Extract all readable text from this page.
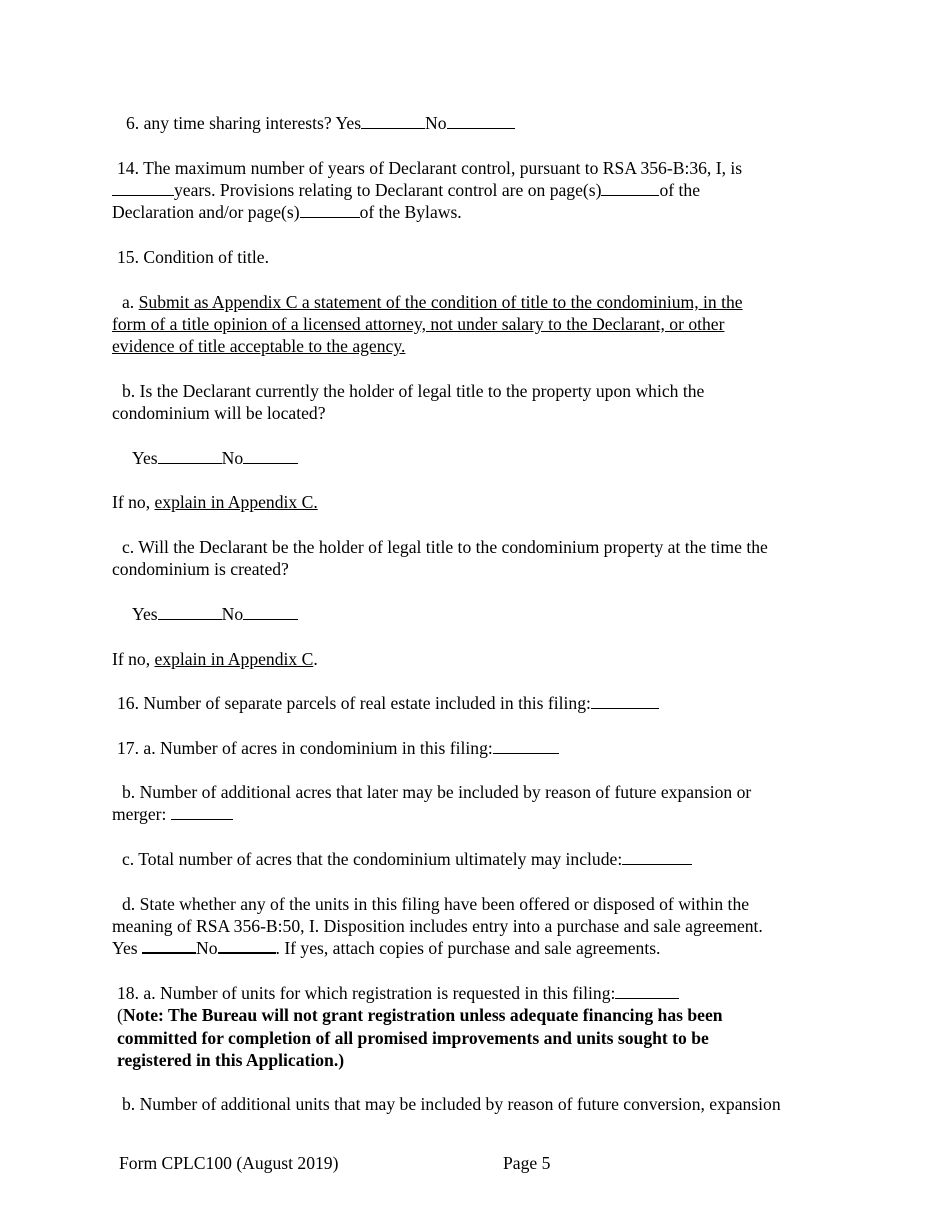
6. any time sharing interests? Yes	No
14. The maximum number of years of Declarant control, pursuant to RSA 356-B:36, I, is
years. Provisions relating to Declarant control are on page(s)	of the
Declaration and/or page(s)	of the Bylaws.
15. Condition of title.
a. Submit as Appendix C a statement of the condition of title to the condominium, in the
form of a title opinion of a licensed attorney, not under salary to the Declarant, or other
evidence of title acceptable to the agency.
b. Is the Declarant currently the holder of legal title to the property upon which the
condominium will be located?
Yes	No
If no, explain in Appendix C.
c. Will the Declarant be the holder of legal title to the condominium property at the time the
condominium is created?
Yes	No
If no, explain in Appendix C.
16. Number of separate parcels of real estate included in this filing:
17. a. Number of acres in condominium in this filing:
b. Number of additional acres that later may be included by reason of future expansion or
merger:
c. Total number of acres that the condominium ultimately may include:
d. State whether any of the units in this filing have been offered or disposed of within the
meaning of RSA 356-B:50, I. Disposition includes entry into a purchase and sale agreement.
Yes	No	. If yes, attach copies of purchase and sale agreements.
18. a. Number of units for which registration is requested in this filing:
(Note: The Bureau will not grant registration unless adequate financing has been
committed for completion of all promised improvements and units sought to be
registered in this Application.)
b. Number of additional units that may be included by reason of future conversion, expansion
Form CPLC100 (August 2019)	Page 5
